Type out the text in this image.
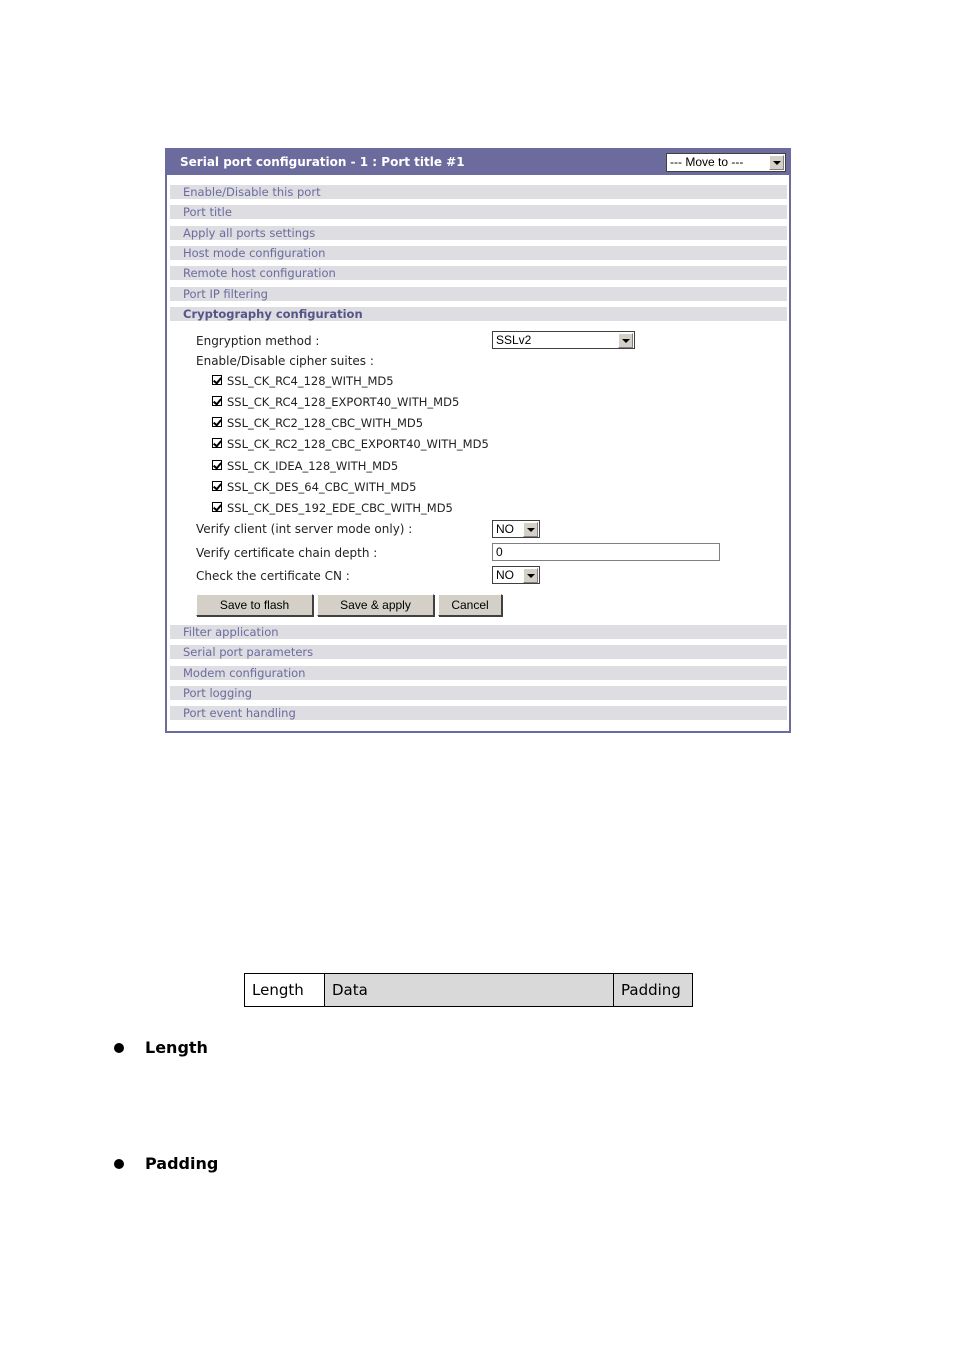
Serial port configuration - 1 : Port title #1	--- Move to ---
Enable/Disable this port
Port title
Apply all ports settings
Host mode configuration
Remote host configuration
Port IP filtering
Cryptography configuration
Engryption method :	SSLv2
Enable/Disable cipher suites :
SSL_CK_RC4_128_WITH_MD5
SSL_CK_RC4_128_EXPORT40_WITH_MD5
SSL_CK_RC2_128_CBC_WITH_MD5
SSL_CK_RC2_128_CBC_EXPORT40_WITH_MD5
SSL_CK_IDEA_128_WITH_MD5
SSL_CK_DES_64_CBC_WITH_MD5
SSL_CK_DES_192_EDE_CBC_WITH_MD5
Verify client (int server mode only) :	NO
Verify certificate chain depth :	0
Check the certificate CN :	NO
Save to flash	Save & apply	Cancel
Filter application
Serial port parameters
Modem configuration
Port logging
Port event handling
Length	Data	Padding
Length
Padding
